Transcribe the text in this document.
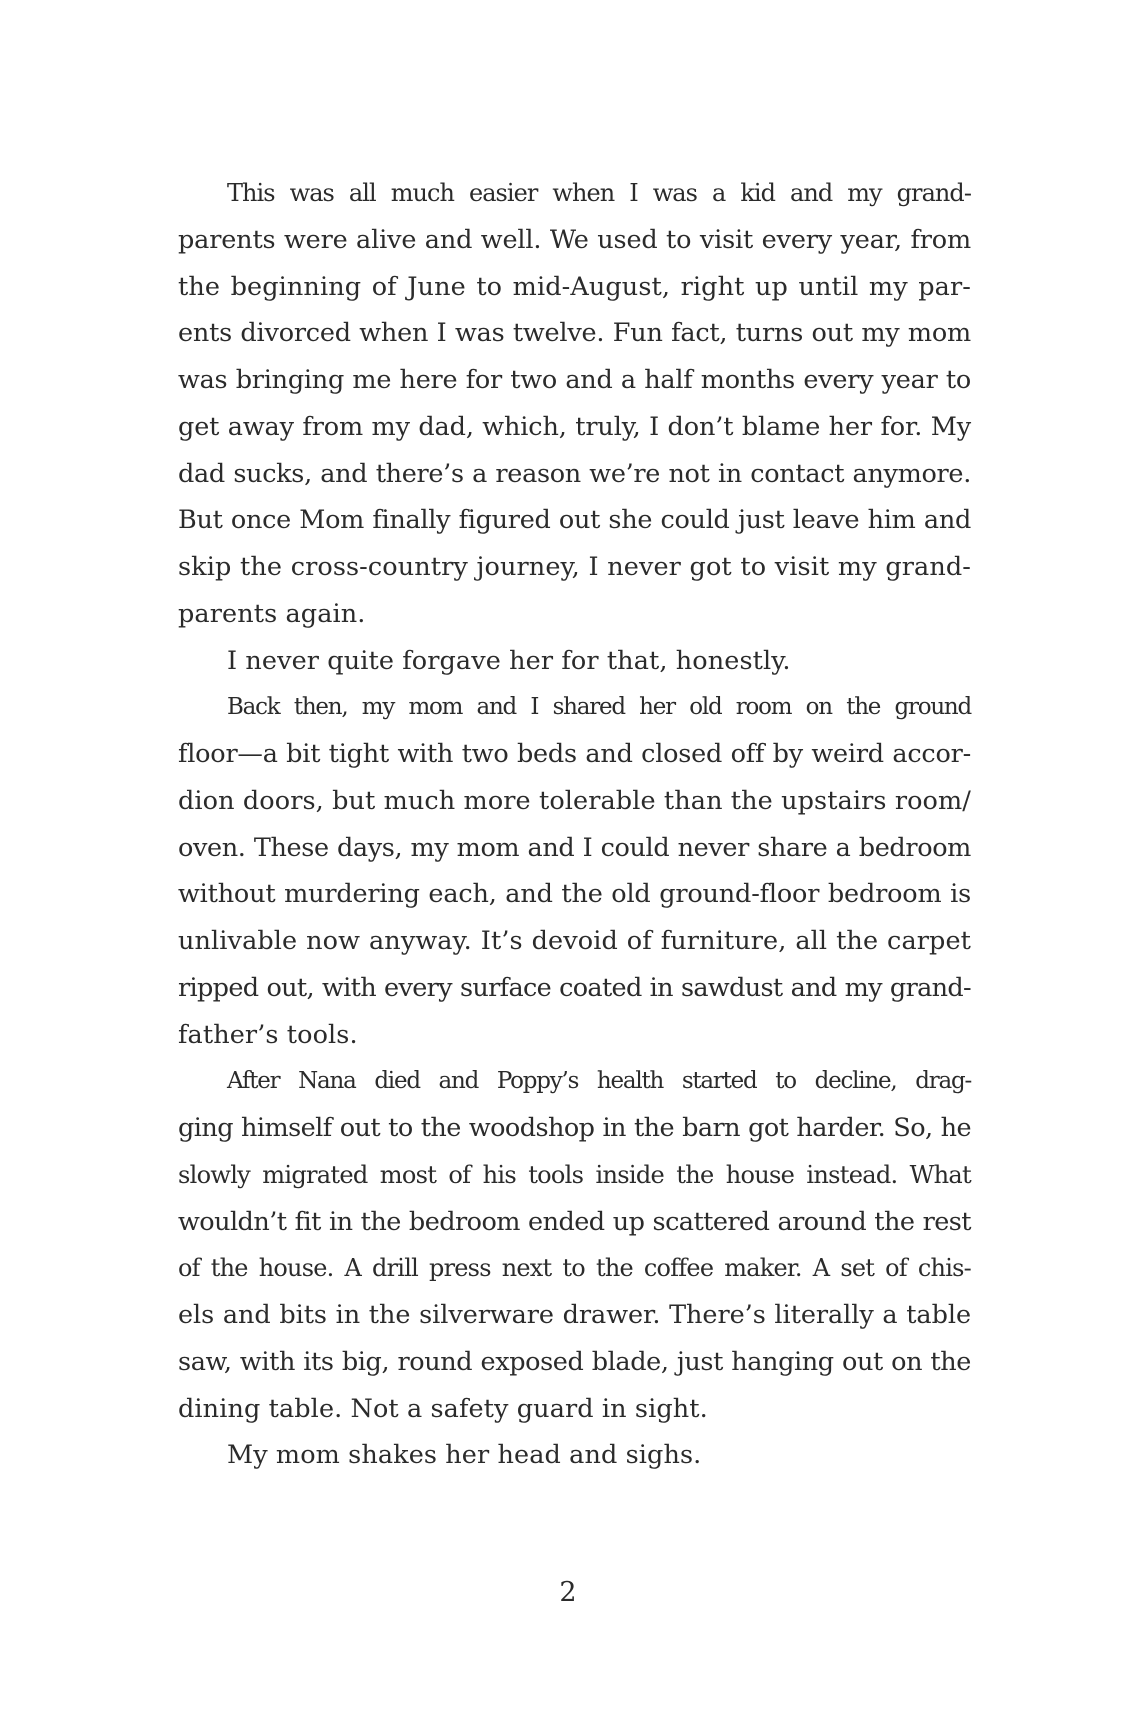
This was all much easier when I was a kid and my grand-
parents were alive and well. We used to visit every year, from
the beginning of June to mid-August, right up until my par-
ents divorced when I was twelve. Fun fact, turns out my mom
was bringing me here for two and a half months every year to
get away from my dad, which, truly, I don’t blame her for. My
dad sucks, and there’s a reason we’re not in contact anymore.
But once Mom finally figured out she could just leave him and
skip the cross-country journey, I never got to visit my grand-
parents again.
I never quite forgave her for that, honestly.
Back then, my mom and I shared her old room on the ground
floor—a bit tight with two beds and closed off by weird accor-
dion doors, but much more tolerable than the upstairs room/
oven. These days, my mom and I could never share a bedroom
without murdering each, and the old ground-floor bedroom is
unlivable now anyway. It’s devoid of furniture, all the carpet
ripped out, with every surface coated in sawdust and my grand-
father’s tools.
After Nana died and Poppy’s health started to decline, drag-
ging himself out to the woodshop in the barn got harder. So, he
slowly migrated most of his tools inside the house instead. What
wouldn’t fit in the bedroom ended up scattered around the rest
of the house. A drill press next to the coffee maker. A set of chis-
els and bits in the silverware drawer. There’s literally a table
saw, with its big, round exposed blade, just hanging out on the
dining table. Not a safety guard in sight.
My mom shakes her head and sighs.
2
